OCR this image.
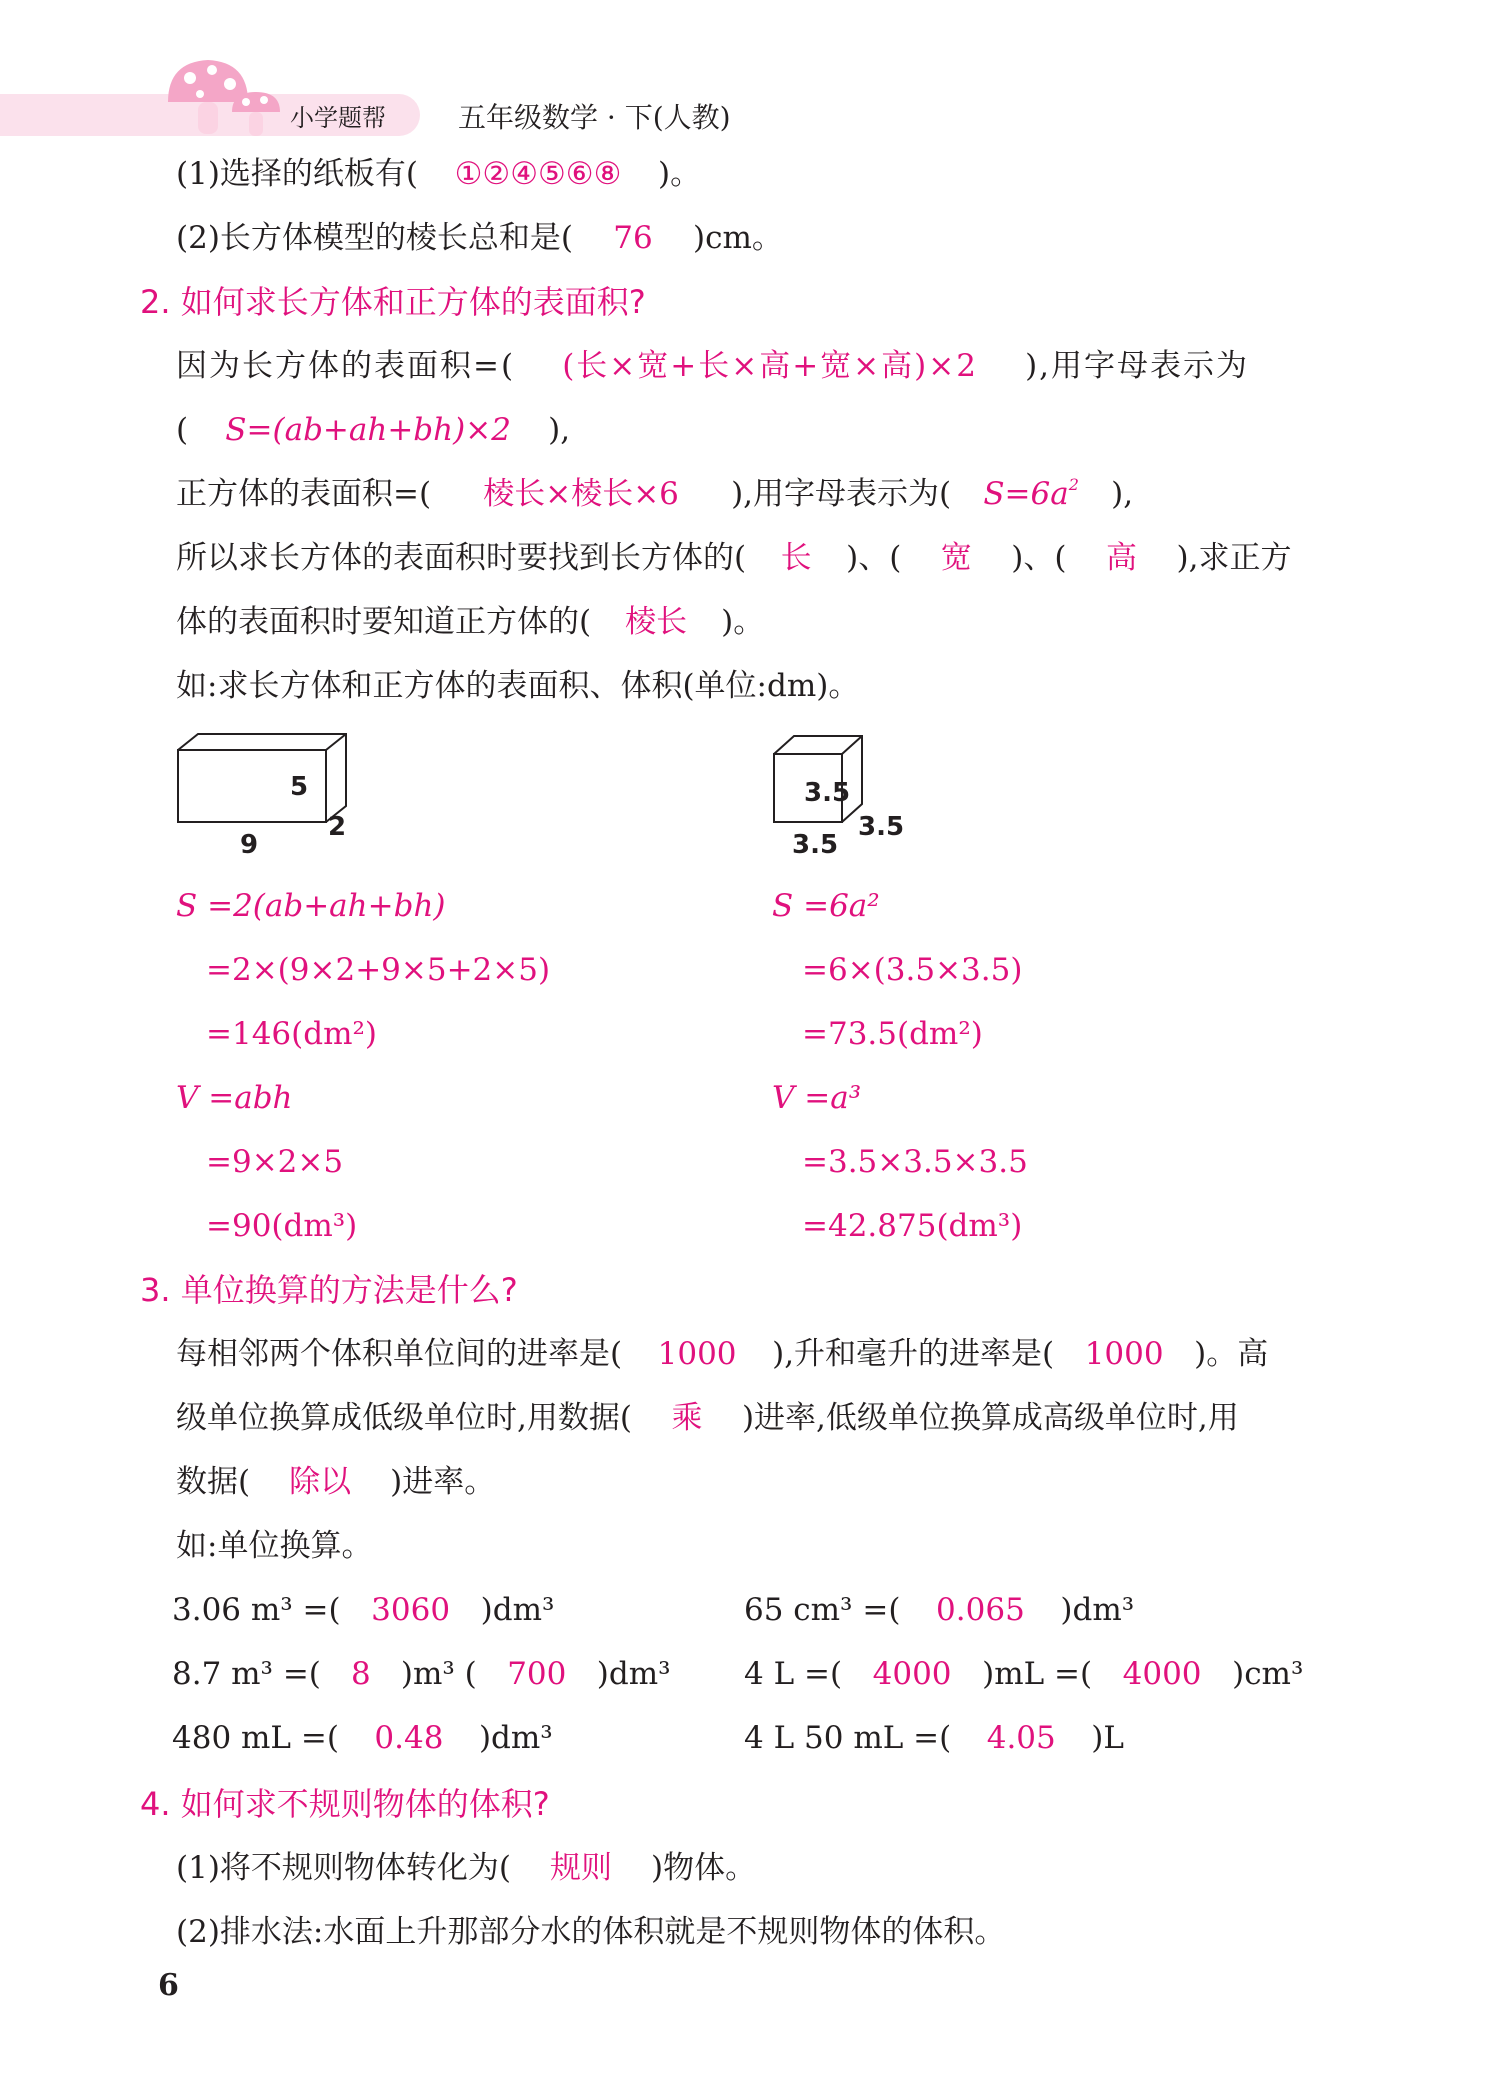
小学题帮	五年级数学 · 下(人教)
(1)选择的纸板有( ①②④⑤⑥⑧ )。
(2)长方体模型的棱长总和是( 76 )cm。
2. 如何求长方体和正方体的表面积?
因为长方体的表面积=( (长×宽+长×高+宽×高)×2 ),用字母表示为
( S=(ab+ah+bh)×2 ),
正方体的表面积=( 棱长×棱长×6 ),用字母表示为( $S=6a^2$ ),
所以求长方体的表面积时要找到长方体的( 长 )、( 宽 )、( 高 ),求正方
体的表面积时要知道正方体的( 棱长 )。
如:求长方体和正方体的表面积、体积(单位:dm)。
5
2
9
3.5
3.5
3.5
S =2(ab+ah+bh)
=2×(9×2+9×5+2×5)
=146(dm²)
V =abh
=9×2×5
=90(dm³)
S =6a²
=6×(3.5×3.5)
=73.5(dm²)
V =a³
=3.5×3.5×3.5
=42.875(dm³)
3. 单位换算的方法是什么?
每相邻两个体积单位间的进率是( 1000 ),升和毫升的进率是( 1000 )。高
级单位换算成低级单位时,用数据( 乘 )进率,低级单位换算成高级单位时,用
数据( 除以 )进率。
如:单位换算。
3.06 m³ =( 3060 )dm³	65 cm³ =( 0.065 )dm³
8.7 m³ =( 8 )m³ ( 700 )dm³ 4 L =( 4000 )mL =( 4000 )cm³
480 mL =( 0.48 )dm³	4 L 50 mL =( 4.05 )L
4. 如何求不规则物体的体积?
(1)将不规则物体转化为( 规则 )物体。
(2)排水法:水面上升那部分水的体积就是不规则物体的体积。
6
